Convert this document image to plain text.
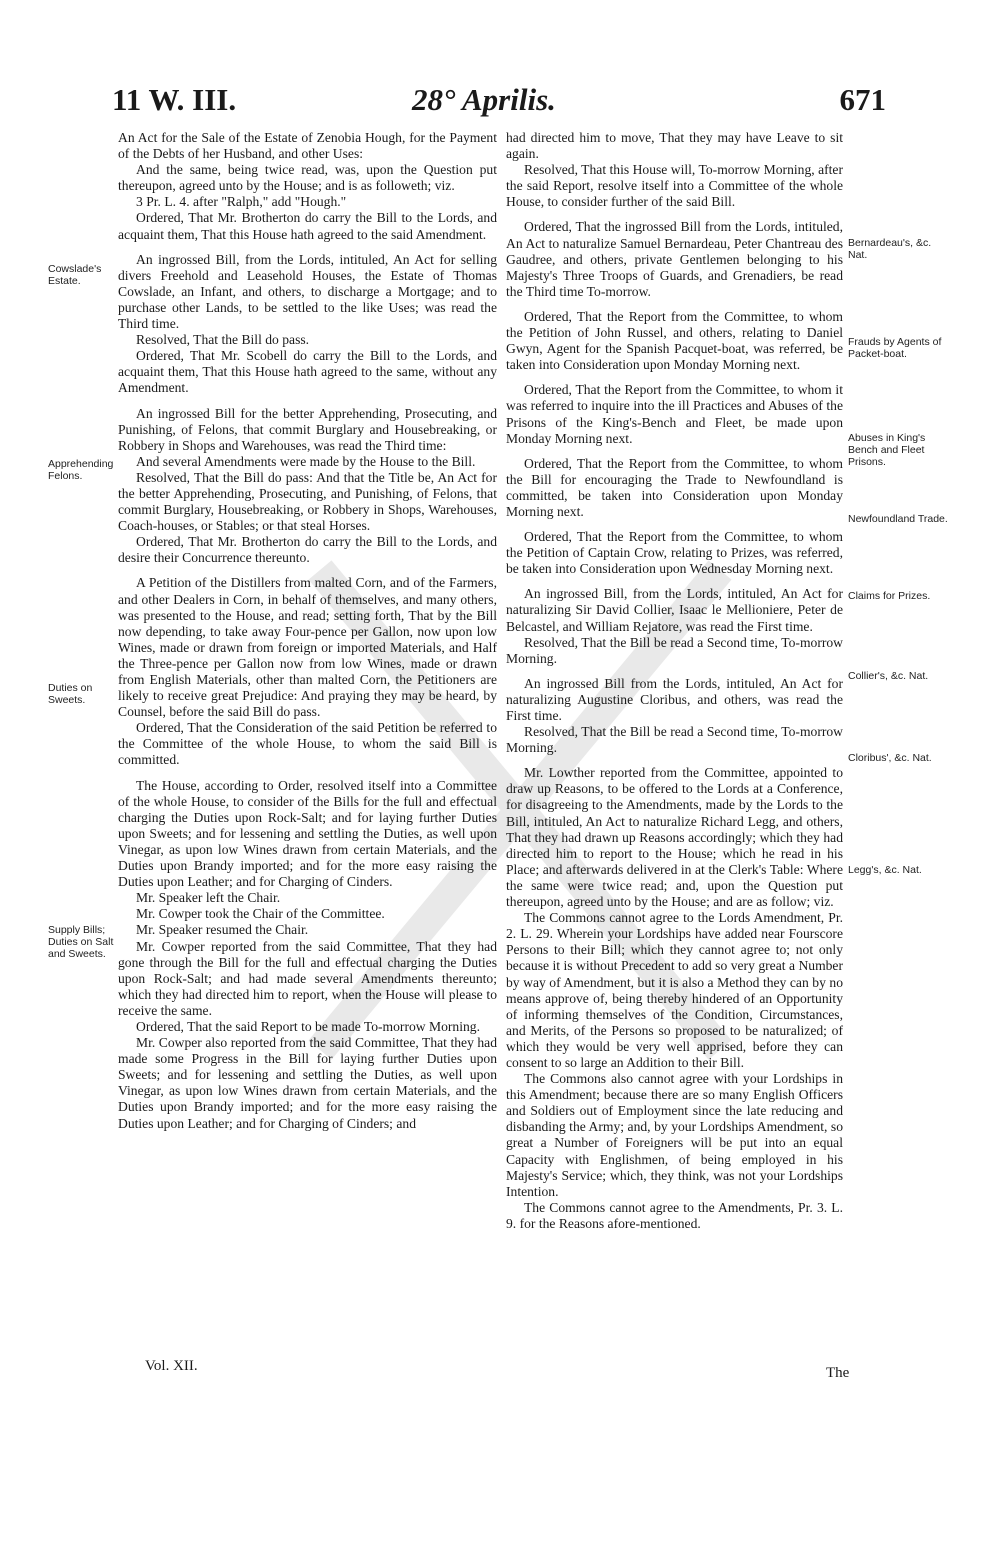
11 W. III.	28° Aprilis.	671

An Act for the Sale of the Estate of Zenobia Hough, for the Payment of the Debts of her Husband, and other Uses:

And the same, being twice read, was, upon the Question put thereupon, agreed unto by the House; and is as followeth; viz.

3 Pr. L. 4. after "Ralph," add "Hough."

Ordered, That Mr. Brotherton do carry the Bill to the Lords, and acquaint them, That this House hath agreed to the said Amendment.

An ingrossed Bill, from the Lords, intituled, An Act for selling divers Freehold and Leasehold Houses, the Estate of Thomas Cowslade, an Infant, and others, to discharge a Mortgage; and to purchase other Lands, to be settled to the like Uses; was read the Third time.

Resolved, That the Bill do pass.

Ordered, That Mr. Scobell do carry the Bill to the Lords, and acquaint them, That this House hath agreed to the same, without any Amendment.

An ingrossed Bill for the better Apprehending, Prosecuting, and Punishing, of Felons, that commit Burglary and Housebreaking, or Robbery in Shops and Warehouses, was read the Third time:

And several Amendments were made by the House to the Bill.

Resolved, That the Bill do pass: And that the Title be, An Act for the better Apprehending, Prosecuting, and Punishing, of Felons, that commit Burglary, Housebreaking, or Robbery in Shops, Warehouses, Coach-houses, or Stables; or that steal Horses.

Ordered, That Mr. Brotherton do carry the Bill to the Lords, and desire their Concurrence thereunto.

A Petition of the Distillers from malted Corn, and of the Farmers, and other Dealers in Corn, in behalf of themselves, and many others, was presented to the House, and read; setting forth, That by the Bill now depending, to take away Four-pence per Gallon, now upon low Wines, made or drawn from foreign or imported Materials, and Half the Three-pence per Gallon now from low Wines, made or drawn from English Materials, other than malted Corn, the Petitioners are likely to receive great Prejudice: And praying they may be heard, by Counsel, before the said Bill do pass.

Ordered, That the Consideration of the said Petition be referred to the Committee of the whole House, to whom the said Bill is committed.

The House, according to Order, resolved itself into a Committee of the whole House, to consider of the Bills for the full and effectual charging the Duties upon Rock-Salt; and for laying further Duties upon Sweets; and for lessening and settling the Duties, as well upon Vinegar, as upon low Wines drawn from certain Materials, and the Duties upon Brandy imported; and for the more easy raising the Duties upon Leather; and for Charging of Cinders.

Mr. Speaker left the Chair.

Mr. Cowper took the Chair of the Committee.

Mr. Speaker resumed the Chair.

Mr. Cowper reported from the said Committee, That they had gone through the Bill for the full and effectual charging the Duties upon Rock-Salt; and had made several Amendments thereunto; which they had directed him to report, when the House will please to receive the same.

Ordered, That the said Report to be made To-morrow Morning.

Mr. Cowper also reported from the said Committee, That they had made some Progress in the Bill for laying further Duties upon Sweets; and for lessening and settling the Duties, as well upon Vinegar, as upon low Wines drawn from certain Materials, and the Duties upon Brandy imported; and for the more easy raising the Duties upon Leather; and for Charging of Cinders; and

had directed him to move, That they may have Leave to sit again.

Resolved, That this House will, To-morrow Morning, after the said Report, resolve itself into a Committee of the whole House, to consider further of the said Bill.

Ordered, That the ingrossed Bill from the Lords, intituled, An Act to naturalize Samuel Bernardeau, Peter Chantreau des Gaudree, and others, private Gentlemen belonging to his Majesty's Three Troops of Guards, and Grenadiers, be read the Third time To-morrow.

Ordered, That the Report from the Committee, to whom the Petition of John Russel, and others, relating to Daniel Gwyn, Agent for the Spanish Pacquet-boat, was referred, be taken into Consideration upon Monday Morning next.

Ordered, That the Report from the Committee, to whom it was referred to inquire into the ill Practices and Abuses of the Prisons of the King's-Bench and Fleet, be made upon Monday Morning next.

Ordered, That the Report from the Committee, to whom the Bill for encouraging the Trade to Newfoundland is committed, be taken into Consideration upon Monday Morning next.

Ordered, That the Report from the Committee, to whom the Petition of Captain Crow, relating to Prizes, was referred, be taken into Consideration upon Wednesday Morning next.

An ingrossed Bill, from the Lords, intituled, An Act for naturalizing Sir David Collier, Isaac le Mellioniere, Peter de Belcastel, and William Rejatore, was read the First time.

Resolved, That the Bill be read a Second time, To-morrow Morning.

An ingrossed Bill from the Lords, intituled, An Act for naturalizing Augustine Cloribus, and others, was read the First time.

Resolved, That the Bill be read a Second time, To-morrow Morning.

Mr. Lowther reported from the Committee, appointed to draw up Reasons, to be offered to the Lords at a Conference, for disagreeing to the Amendments, made by the Lords to the Bill, intituled, An Act to naturalize Richard Legg, and others, That they had drawn up Reasons accordingly; which they had directed him to report to the House; which he read in his Place; and afterwards delivered in at the Clerk's Table: Where the same were twice read; and, upon the Question put thereupon, agreed unto by the House; and are as follow; viz.

The Commons cannot agree to the Lords Amendment, Pr. 2. L. 29. Wherein your Lordships have added near Fourscore Persons to their Bill; which they cannot agree to; not only because it is without Precedent to add so very great a Number by way of Amendment, but it is also a Method they can by no means approve of, being thereby hindered of an Opportunity of informing themselves of the Condition, Circumstances, and Merits, of the Persons so proposed to be naturalized; of which they would be very well apprised, before they can consent to so large an Addition to their Bill.

The Commons also cannot agree with your Lordships in this Amendment; because there are so many English Officers and Soldiers out of Employment since the late reducing and disbanding the Army; and, by your Lordships Amendment, so great a Number of Foreigners will be put into an equal Capacity with Englishmen, of being employed in his Majesty's Service; which, they think, was not your Lordships Intention.

The Commons cannot agree to the Amendments, Pr. 3. L. 9. for the Reasons afore-mentioned.

Cowslade's Estate.
Apprehending Felons.
Duties on Sweets.
Supply Bills; Duties on Salt and Sweets.
Bernardeau's, &c. Nat.
Frauds by Agents of Packet-boat.
Abuses in King's Bench and Fleet Prisons.
Newfoundland Trade.
Claims for Prizes.
Collier's, &c. Nat.
Cloribus', &c. Nat.
Legg's, &c. Nat.
Vol. XII.	The
